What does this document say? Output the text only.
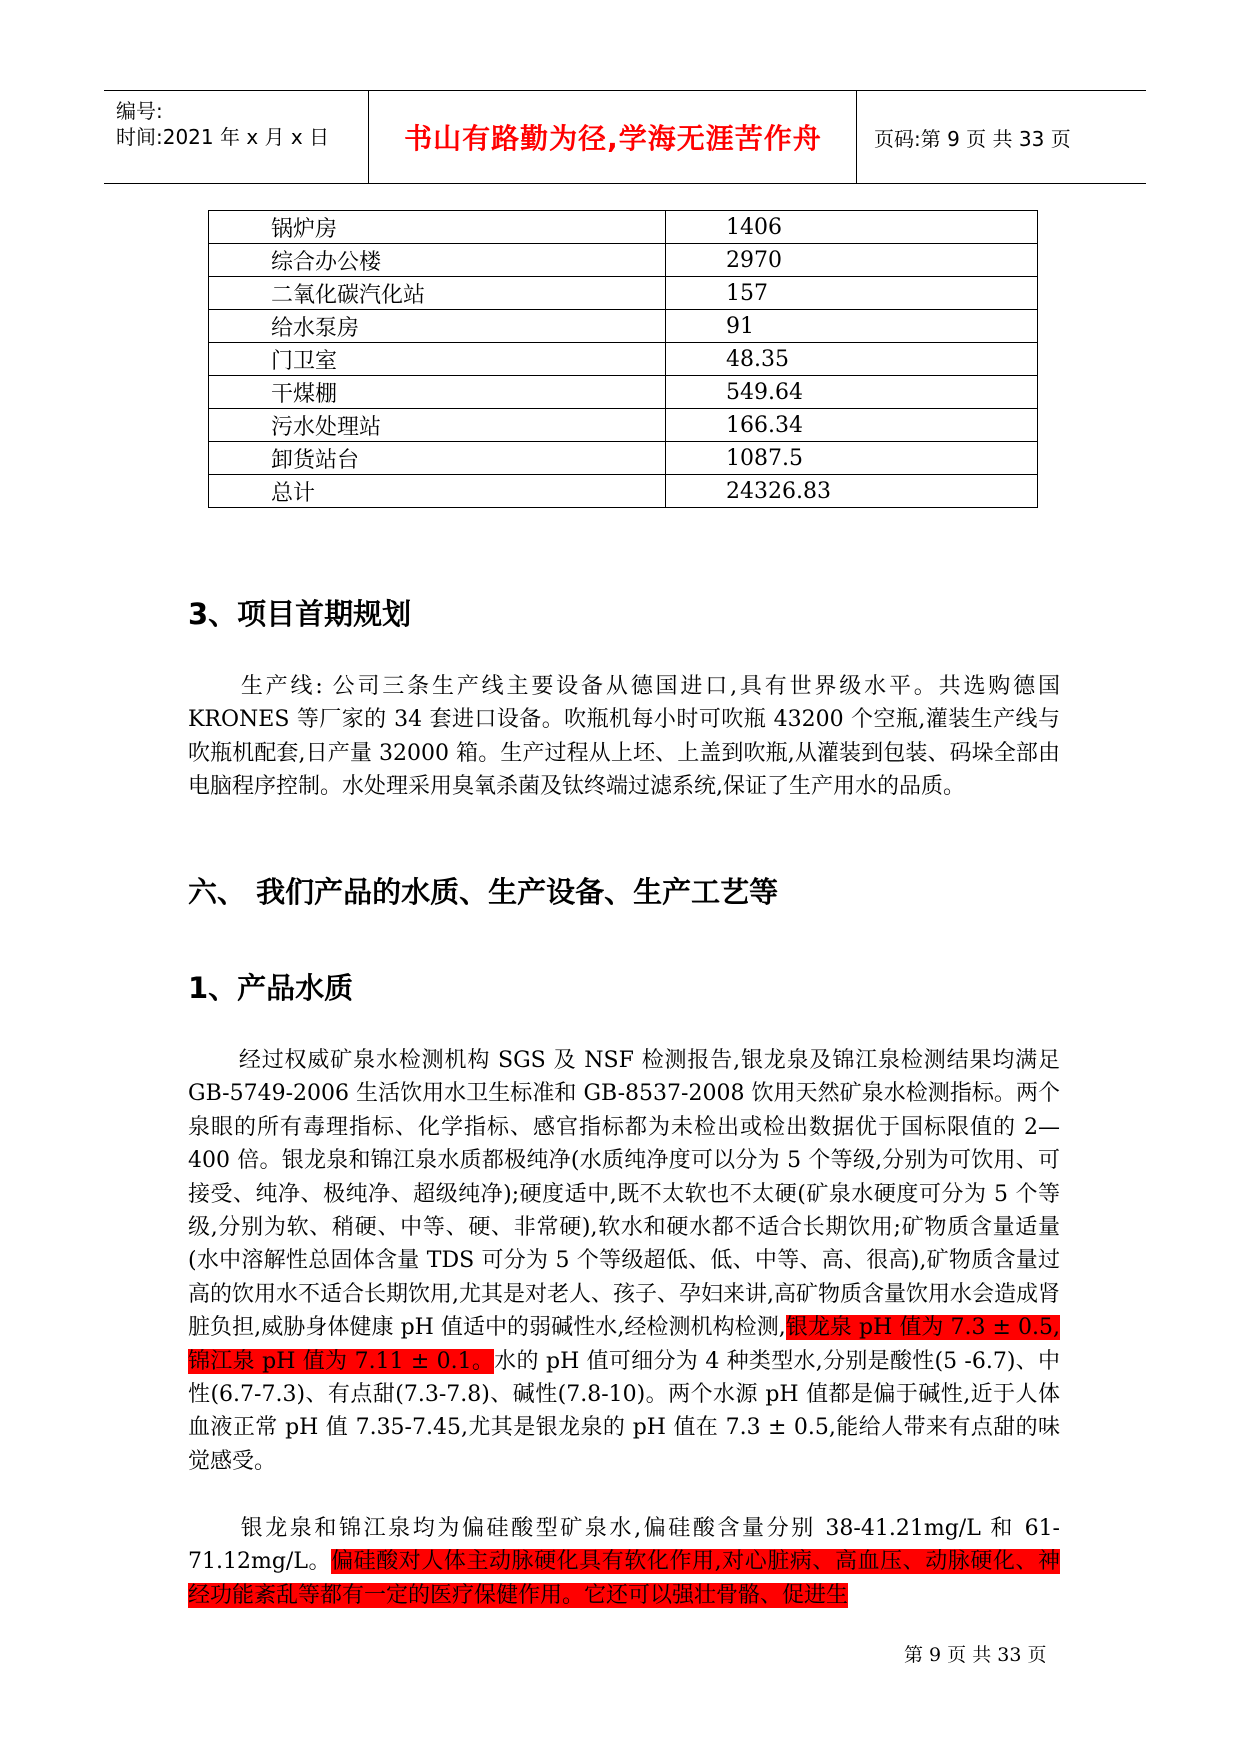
编号:
时间:2021 年 x 月 x 日	书山有路勤为径,学海无涯苦作舟	页码:第 9 页 共 33 页
锅炉房	1406
综合办公楼	2970
二氧化碳汽化站	157
给水泵房	91
门卫室	48.35
干煤棚	549.64
污水处理站	166.34
卸货站台	1087.5
总计	24326.83
3、项目首期规划

生产线: 公司三条生产线主要设备从德国进口,具有世界级水平。共选购德国 KRONES 等厂家的 34 套进口设备。吹瓶机每小时可吹瓶 43200 个空瓶,灌装生产线与吹瓶机配套,日产量 32000 箱。生产过程从上坯、上盖到吹瓶,从灌装到包装、码垛全部由电脑程序控制。水处理采用臭氧杀菌及钛终端过滤系统,保证了生产用水的品质。

六、 我们产品的水质、生产设备、生产工艺等
1、产品水质

经过权威矿泉水检测机构 SGS 及 NSF 检测报告,银龙泉及锦江泉检测结果均满足 GB-5749-2006 生活饮用水卫生标准和 GB-8537-2008 饮用天然矿泉水检测指标。两个泉眼的所有毒理指标、化学指标、感官指标都为未检出或检出数据优于国标限值的 2—400 倍。银龙泉和锦江泉水质都极纯净(水质纯净度可以分为 5 个等级,分别为可饮用、可接受、纯净、极纯净、超级纯净);硬度适中,既不太软也不太硬(矿泉水硬度可分为 5 个等级,分别为软、稍硬、中等、硬、非常硬),软水和硬水都不适合长期饮用;矿物质含量适量(水中溶解性总固体含量 TDS 可分为 5 个等级超低、低、中等、高、很高),矿物质含量过高的饮用水不适合长期饮用,尤其是对老人、孩子、孕妇来讲,高矿物质含量饮用水会造成肾脏负担,威胁身体健康 pH 值适中的弱碱性水,经检测机构检测,银龙泉 pH 值为 7.3 ± 0.5,锦江泉 pH 值为 7.11 ± 0.1。水的 pH 值可细分为 4 种类型水,分别是酸性(5 -6.7)、中性(6.7-7.3)、有点甜(7.3-7.8)、碱性(7.8-10)。两个水源 pH 值都是偏于碱性,近于人体血液正常 pH 值 7.35-7.45,尤其是银龙泉的 pH 值在 7.3 ± 0.5,能给人带来有点甜的味觉感受。

银龙泉和锦江泉均为偏硅酸型矿泉水,偏硅酸含量分别 38-41.21mg/L 和 61-71.12mg/L。偏硅酸对人体主动脉硬化具有软化作用,对心脏病、高血压、动脉硬化、神经功能紊乱等都有一定的医疗保健作用。它还可以强壮骨骼、促进生

第 9 页 共 33 页
